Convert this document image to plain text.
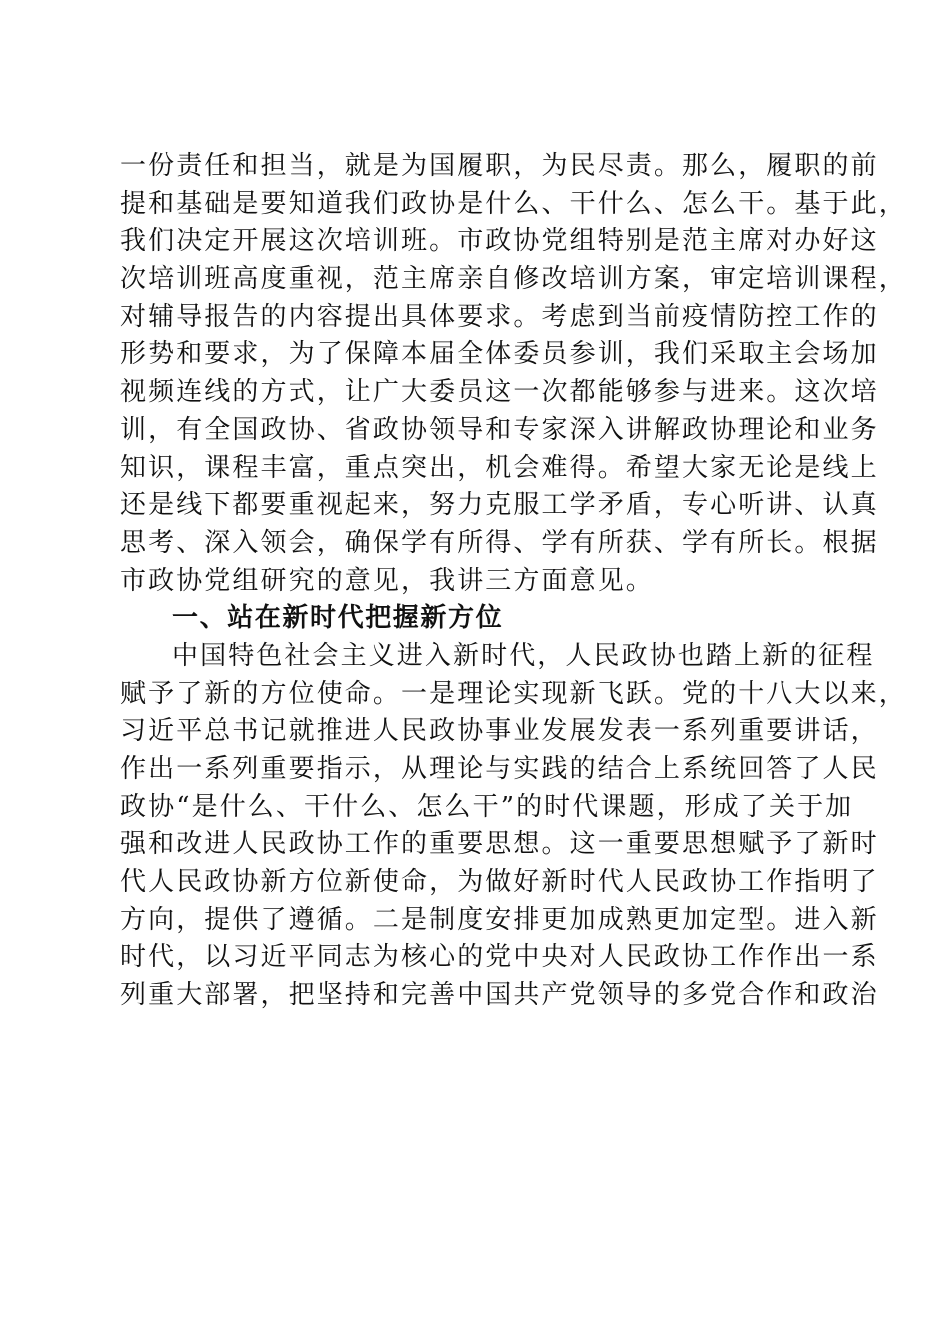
一份责任和担当，就是为国履职，为民尽责。那么，履职的前
提和基础是要知道我们政协是什么、干什么、怎么干。基于此，
我们决定开展这次培训班。市政协党组特别是范主席对办好这
次培训班高度重视，范主席亲自修改培训方案，审定培训课程，
对辅导报告的内容提出具体要求。考虑到当前疫情防控工作的
形势和要求，为了保障本届全体委员参训，我们采取主会场加
视频连线的方式，让广大委员这一次都能够参与进来。这次培
训，有全国政协、省政协领导和专家深入讲解政协理论和业务
知识，课程丰富，重点突出，机会难得。希望大家无论是线上
还是线下都要重视起来，努力克服工学矛盾，专心听讲、认真
思考、深入领会，确保学有所得、学有所获、学有所长。根据
市政协党组研究的意见，我讲三方面意见。
一、站在新时代把握新方位
中国特色社会主义进入新时代，人民政协也踏上新的征程
赋予了新的方位使命。一是理论实现新飞跃。党的十八大以来，
习近平总书记就推进人民政协事业发展发表一系列重要讲话，
作出一系列重要指示，从理论与实践的结合上系统回答了人民
政协“是什么、干什么、怎么干”的时代课题，形成了关于加
强和改进人民政协工作的重要思想。这一重要思想赋予了新时
代人民政协新方位新使命，为做好新时代人民政协工作指明了
方向，提供了遵循。二是制度安排更加成熟更加定型。进入新
时代，以习近平同志为核心的党中央对人民政协工作作出一系
列重大部署，把坚持和完善中国共产党领导的多党合作和政治
